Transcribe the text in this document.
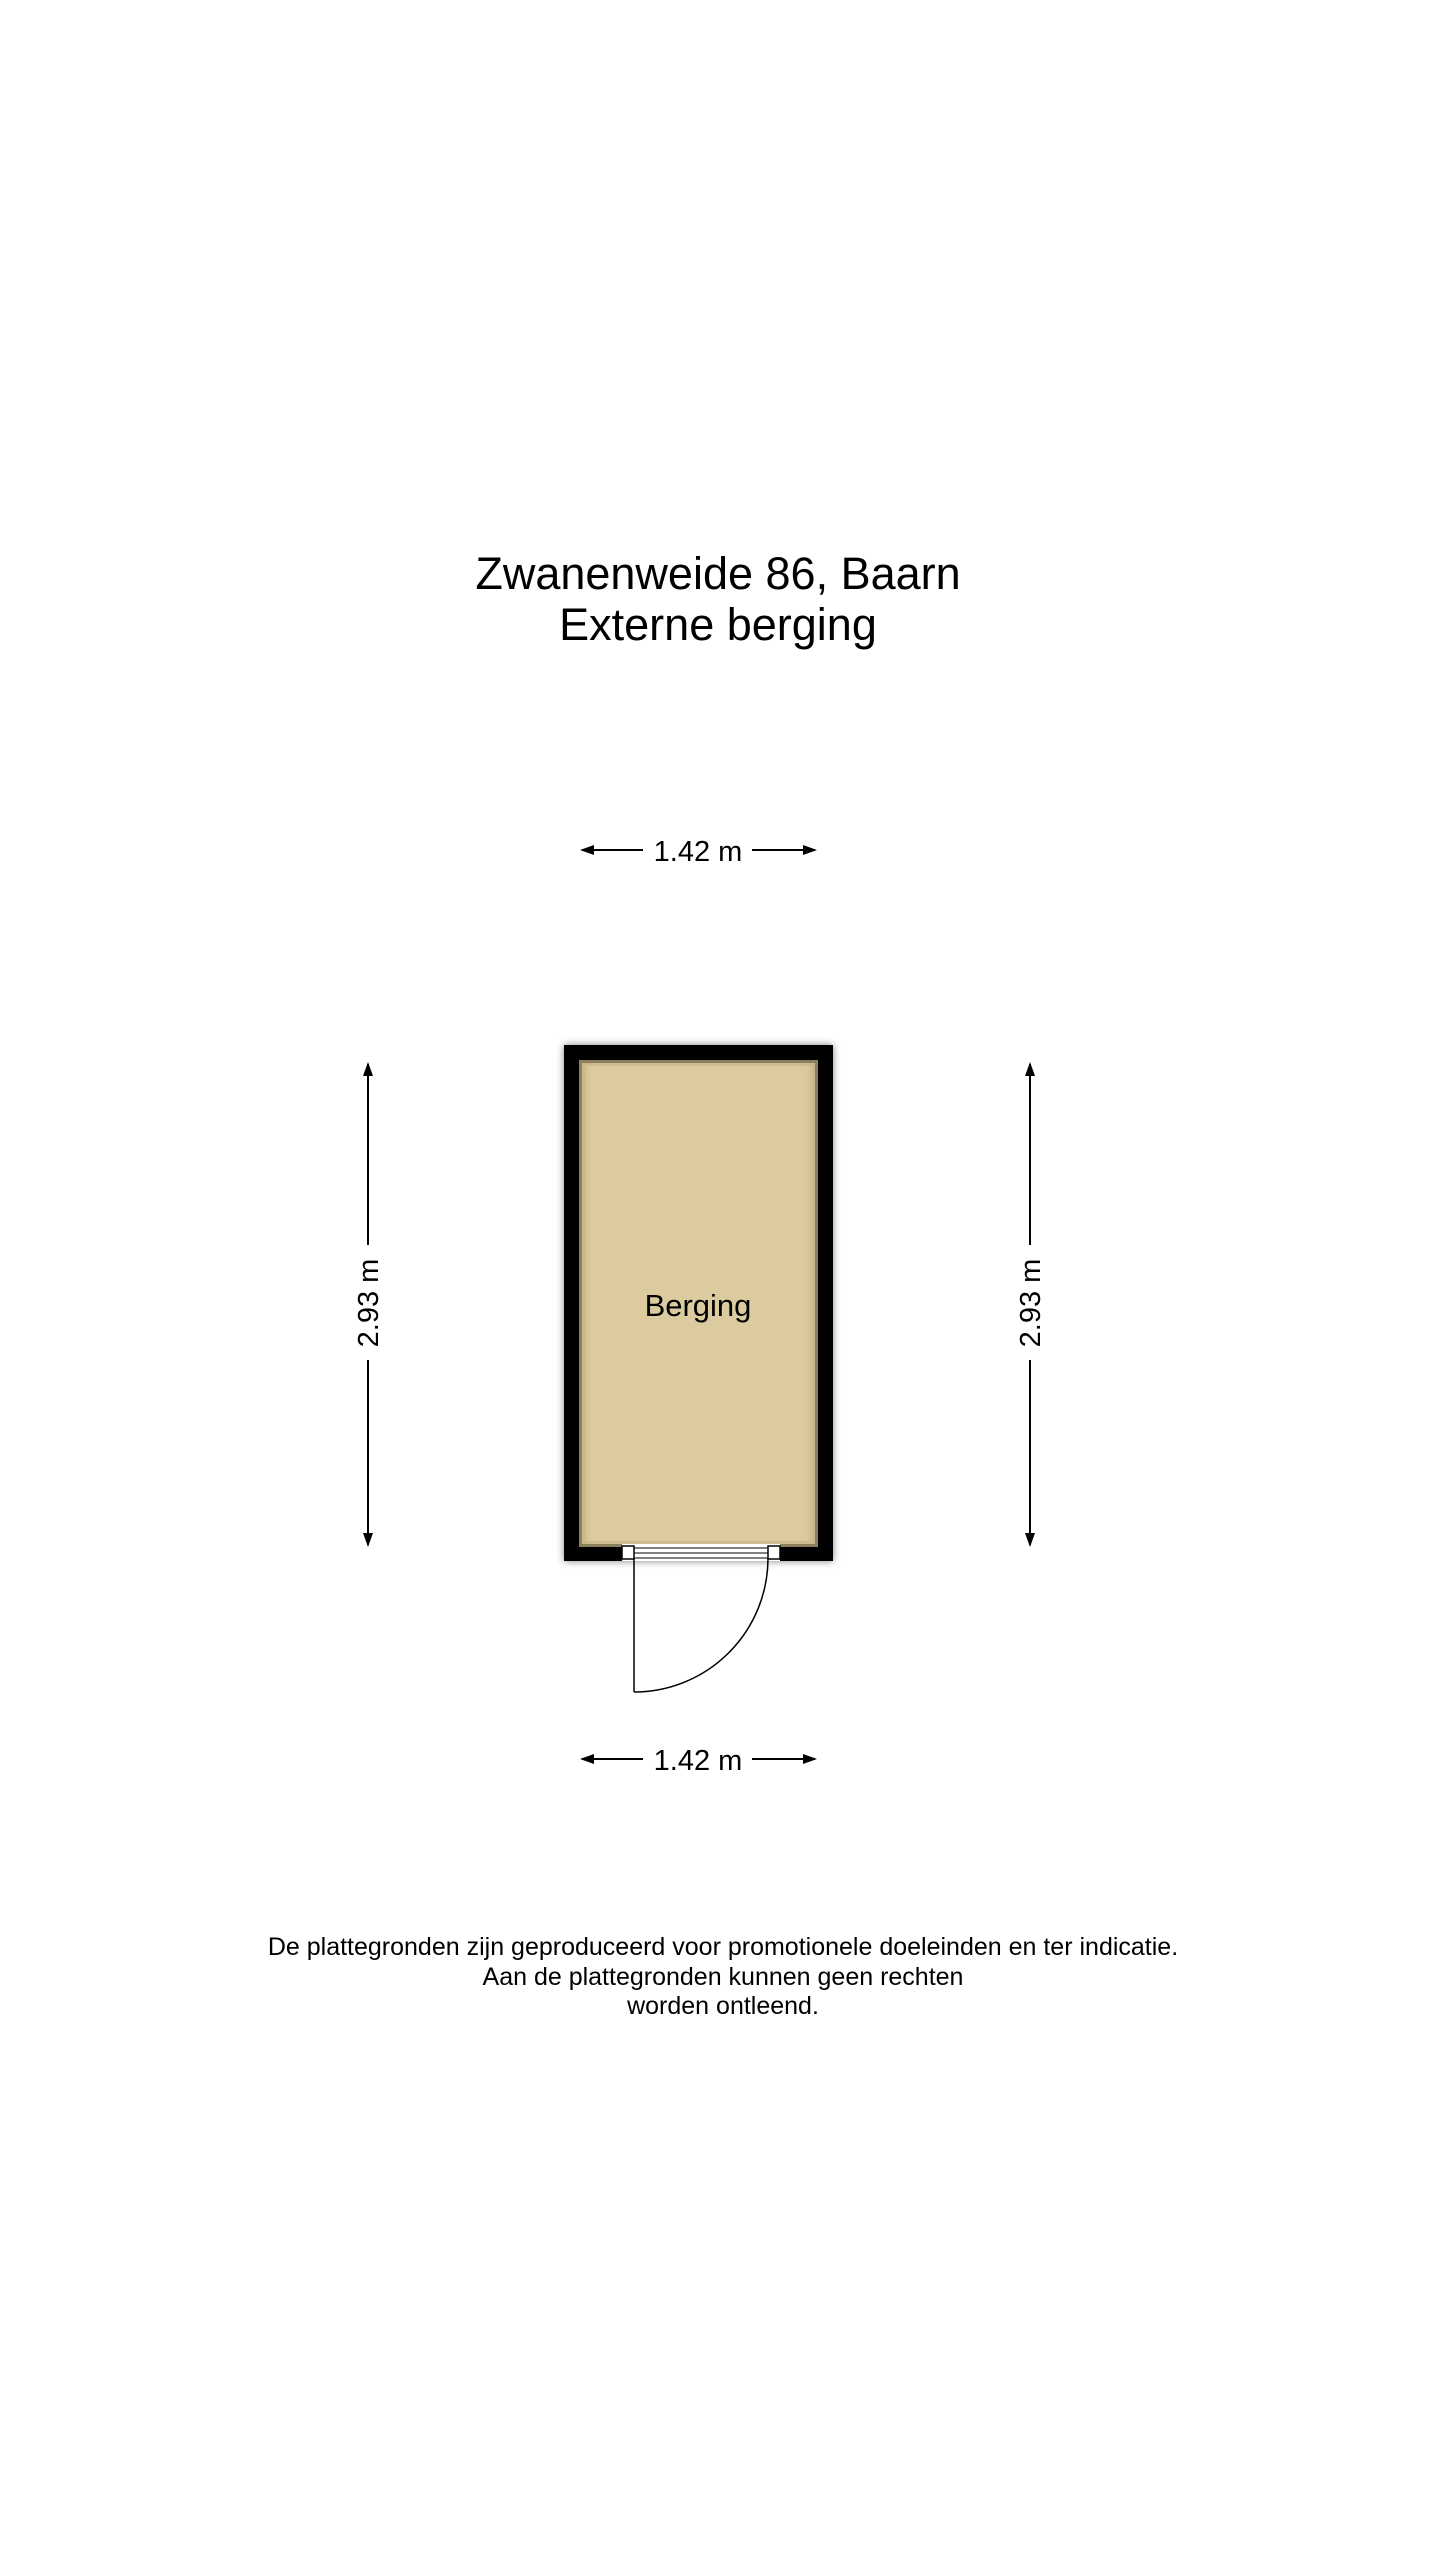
Zwanenweide 86, Baarn
Externe berging
1.42 m
2.93 m	2.93 m
Berging
1.42 m
De plattegronden zijn geproduceerd voor promotionele doeleinden en ter indicatie.
Aan de plattegronden kunnen geen rechten
worden ontleend.
